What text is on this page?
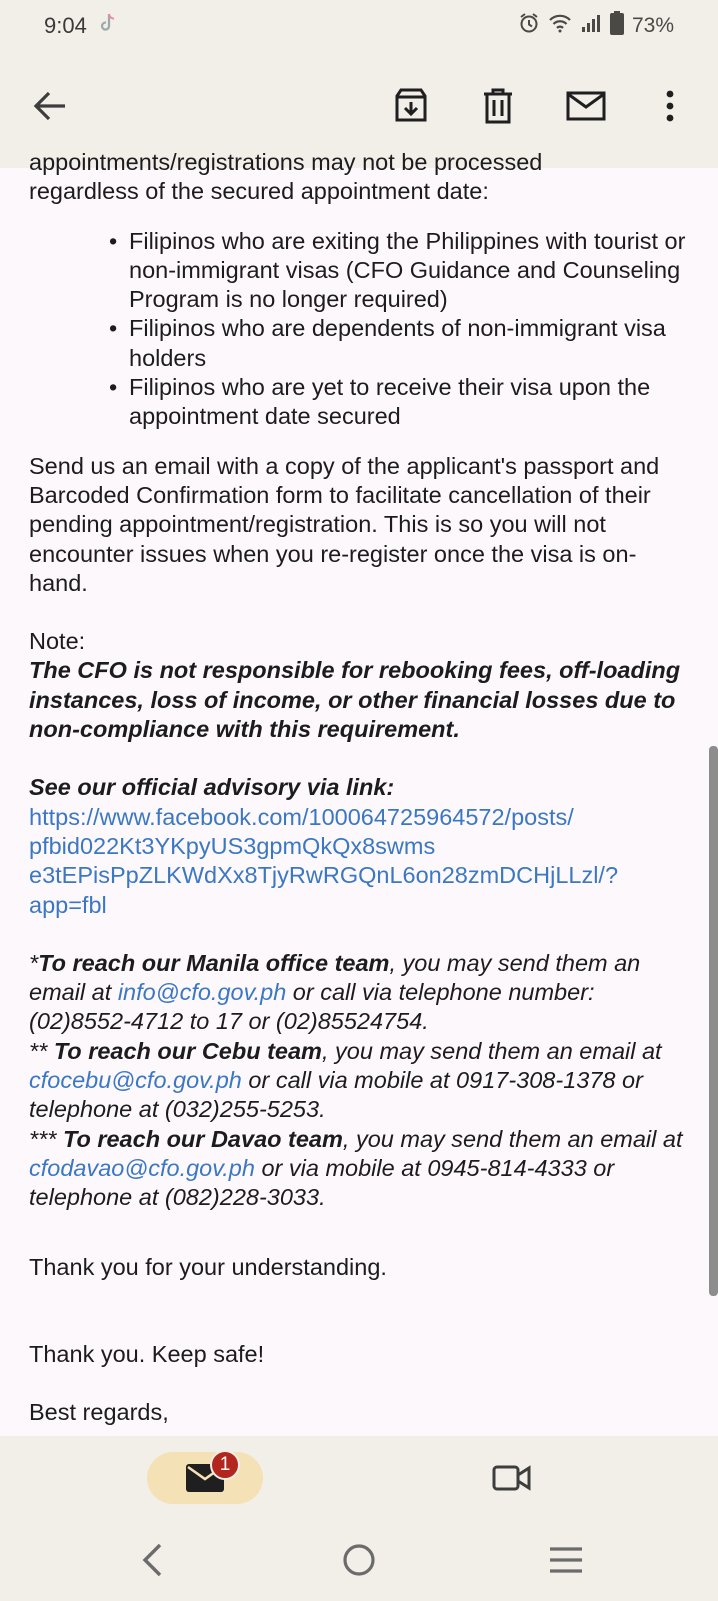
9:04	73%

appointments/registrations may not be processed

regardless of the secured appointment date:

• Filipinos who are exiting the Philippines with tourist or non-immigrant visas (CFO Guidance and Counseling Program is no longer required)
• Filipinos who are dependents of non-immigrant visa holders
• Filipinos who are yet to receive their visa upon the appointment date secured

Send us an email with a copy of the applicant's passport and Barcoded Confirmation form to facilitate cancellation of their pending appointment/registration. This is so you will not encounter issues when you re-register once the visa is on-hand.

Note:

The CFO is not responsible for rebooking fees, off-loading instances, loss of income, or other financial losses due to non-compliance with this requirement.

See our official advisory via link:

https://www.facebook.com/100064725964572/posts/
pfbid022Kt3YKpyUS3gpmQkQx8swms
e3tEPisPpZLKWdXx8TjyRwRGQnL6on28zmDCHjLLzl/?
app=fbl

*To reach our Manila office team, you may send them an email at info@cfo.gov.ph or call via telephone number: (02)8552-4712 to 17 or (02)85524754.

** To reach our Cebu team, you may send them an email at cfocebu@cfo.gov.ph or call via mobile at 0917-308-1378 or telephone at (032)255-5253.

*** To reach our Davao team, you may send them an email at cfodavao@cfo.gov.ph or via mobile at 0945-814-4333 or telephone at (082)228-3033.

Thank you for your understanding.

Thank you. Keep safe!

Best regards,

1
